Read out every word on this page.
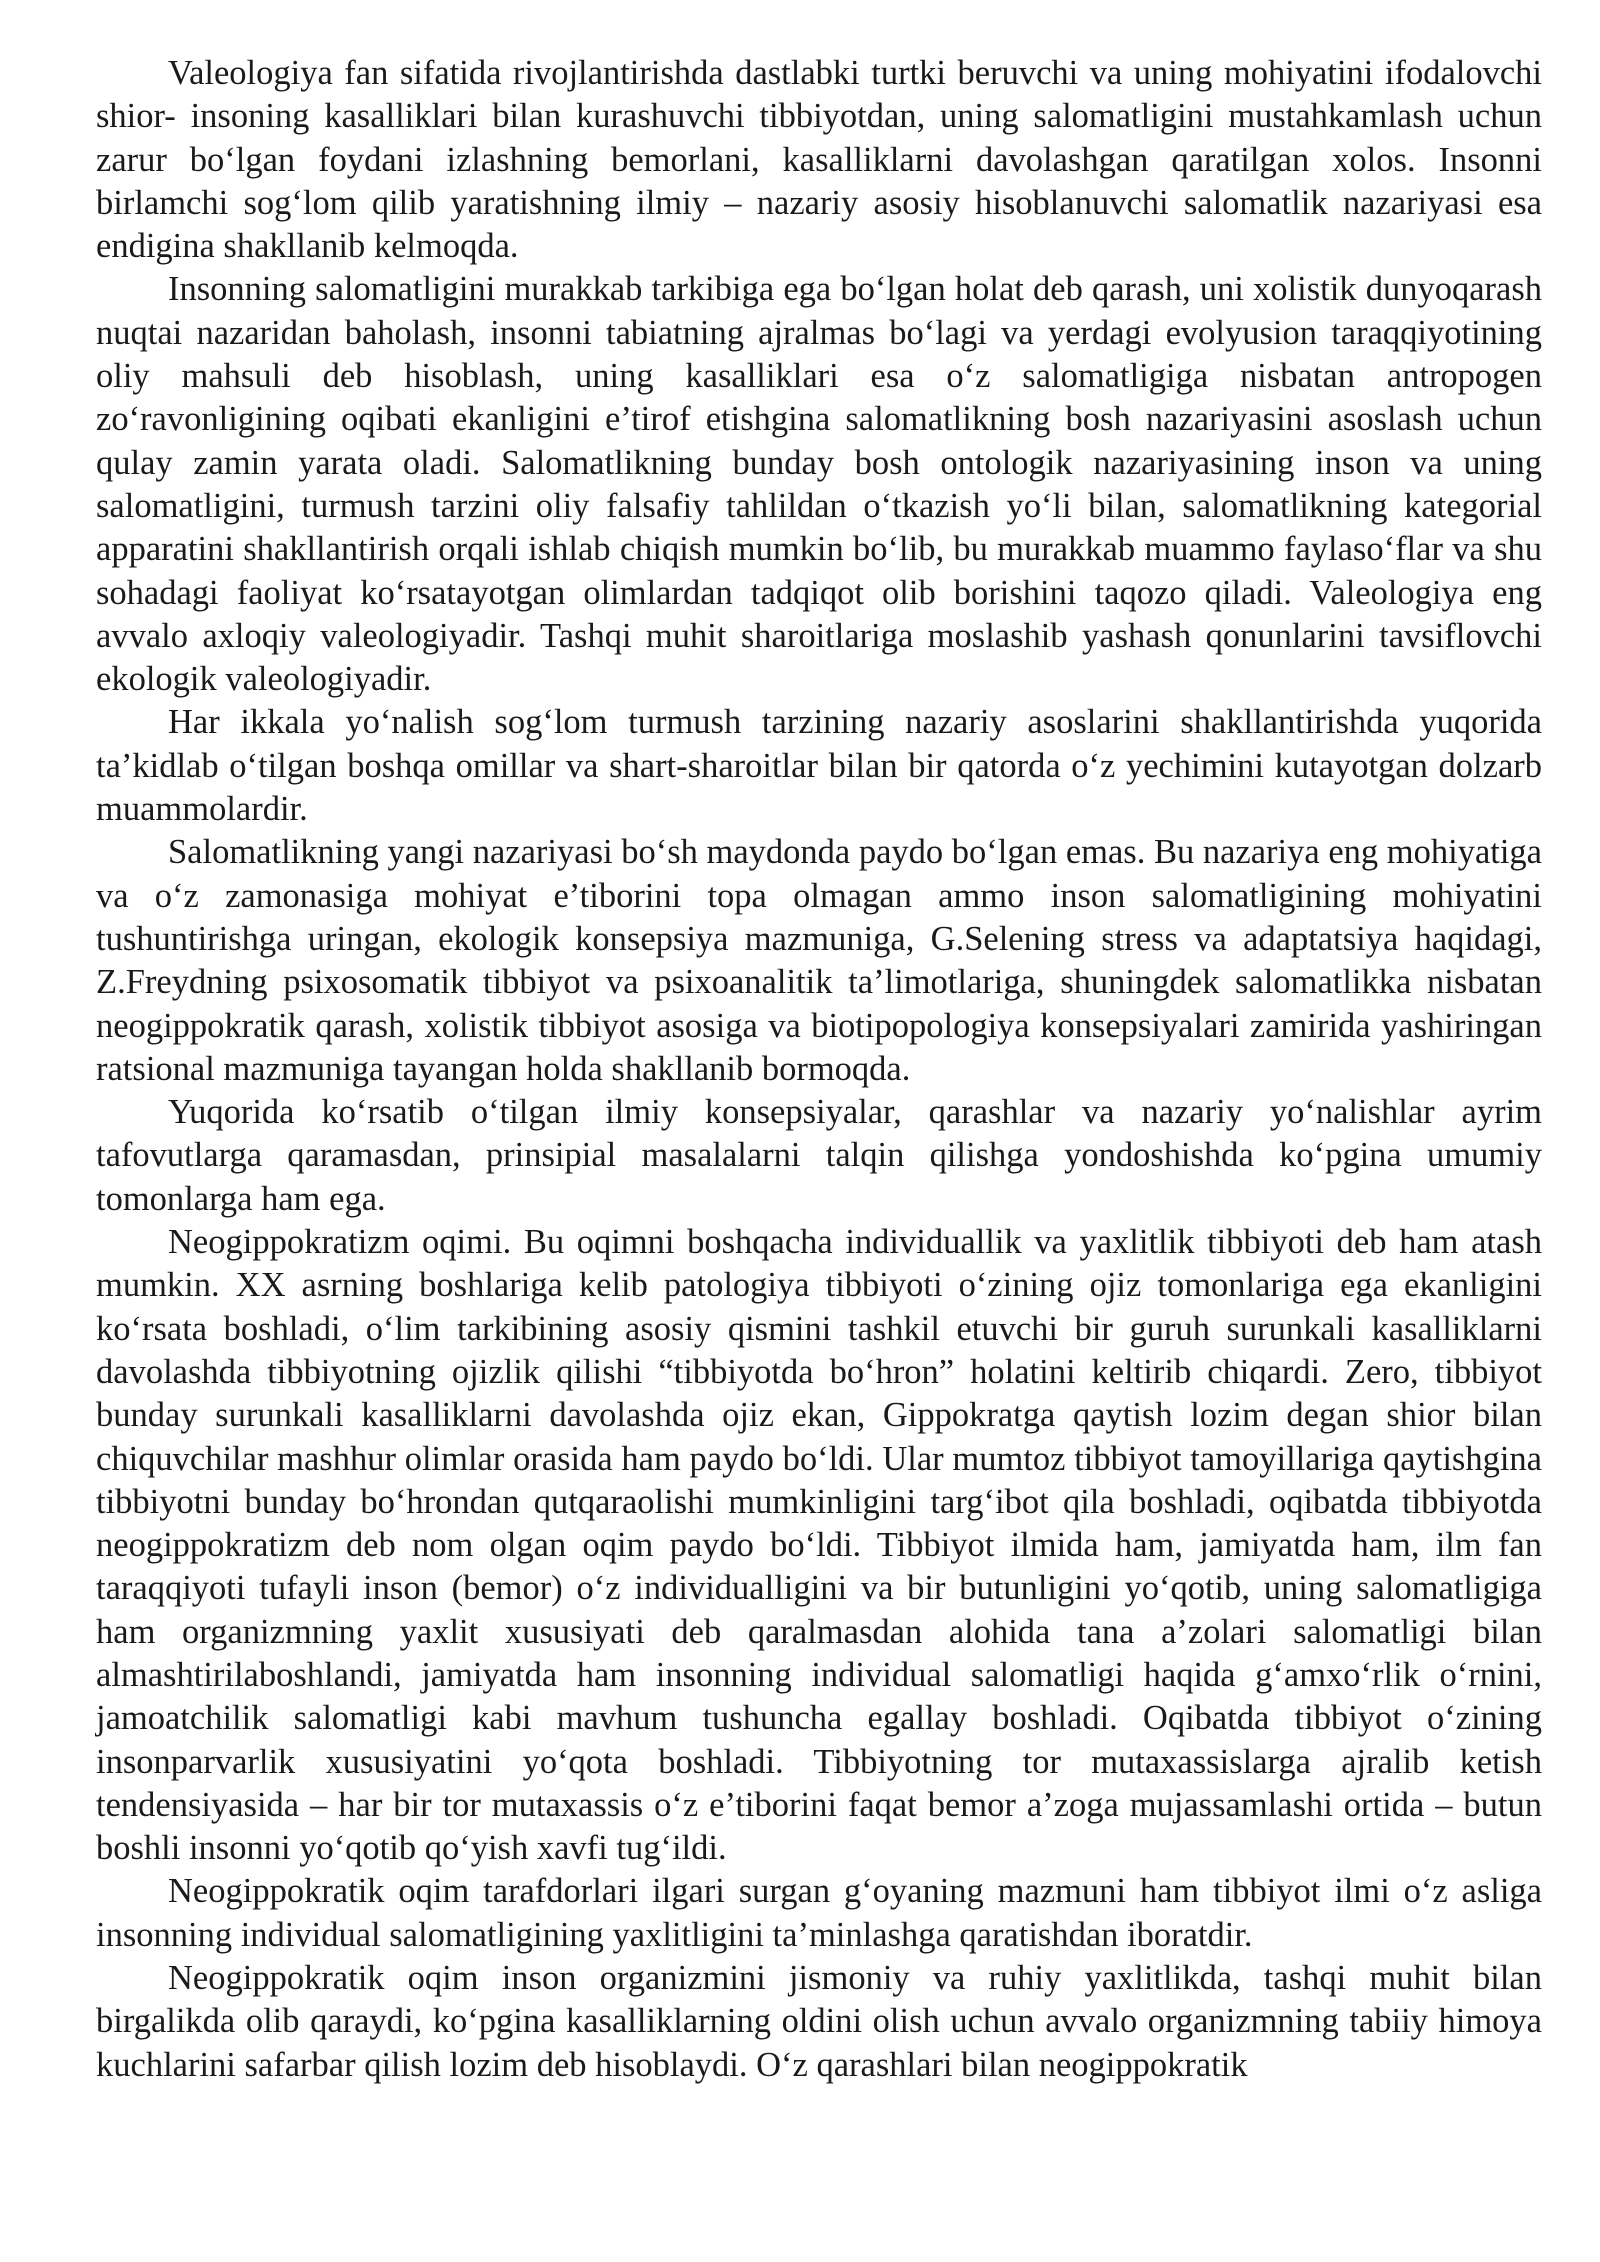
Valeologiya fan sifatida rivojlantirishda dastlabki turtki beruvchi va uning mohiyatini ifodalovchi shior- insoning kasalliklari bilan kurashuvchi tibbiyotdan, uning salomatligini mustahkamlash uchun zarur bo‘lgan foydani izlashning bemorlani, kasalliklarni davolashgan qaratilgan xolos. Insonni birlamchi sog‘lom qilib yaratishning ilmiy – nazariy asosiy hisoblanuvchi salomatlik nazariyasi esa endigina shakllanib kelmoqda.

Insonning salomatligini murakkab tarkibiga ega bo‘lgan holat deb qarash, uni xolistik dunyoqarash nuqtai nazaridan baholash, insonni tabiatning ajralmas bo‘lagi va yerdagi evolyusion taraqqiyotining oliy mahsuli deb hisoblash, uning kasalliklari esa o‘z salomatligiga nisbatan antropogen zo‘ravonligining oqibati ekanligini e’tirof etishgina salomatlikning bosh nazariyasini asoslash uchun qulay zamin yarata oladi. Salomatlikning bunday bosh ontologik nazariyasining inson va uning salomatligini, turmush tarzini oliy falsafiy tahlildan o‘tkazish yo‘li bilan, salomatlikning kategorial apparatini shakllantirish orqali ishlab chiqish mumkin bo‘lib, bu murakkab muammo faylaso‘flar va shu sohadagi faoliyat ko‘rsatayotgan olimlardan tadqiqot olib borishini taqozo qiladi. Valeologiya eng avvalo axloqiy valeologiyadir. Tashqi muhit sharoitlariga moslashib yashash qonunlarini tavsiflovchi ekologik valeologiyadir.

Har ikkala yo‘nalish sog‘lom turmush tarzining nazariy asoslarini shakllantirishda yuqorida ta’kidlab o‘tilgan boshqa omillar va shart-sharoitlar bilan bir qatorda o‘z yechimini kutayotgan dolzarb muammolardir.

Salomatlikning yangi nazariyasi bo‘sh maydonda paydo bo‘lgan emas. Bu nazariya eng mohiyatiga va o‘z zamonasiga mohiyat e’tiborini topa olmagan ammo inson salomatligining mohiyatini tushuntirishga uringan, ekologik konsepsiya mazmuniga, G.Selening stress va adaptatsiya haqidagi, Z.Freydning psixosomatik tibbiyot va psixoanalitik ta’limotlariga, shuningdek salomatlikka nisbatan neogippokratik qarash, xolistik tibbiyot asosiga va biotipopologiya konsepsiyalari zamirida yashiringan ratsional mazmuniga tayangan holda shakllanib bormoqda.

Yuqorida ko‘rsatib o‘tilgan ilmiy konsepsiyalar, qarashlar va nazariy yo‘nalishlar ayrim tafovutlarga qaramasdan, prinsipial masalalarni talqin qilishga yondoshishda ko‘pgina umumiy tomonlarga ham ega.

Neogippokratizm oqimi. Bu oqimni boshqacha individuallik va yaxlitlik tibbiyoti deb ham atash mumkin. XX asrning boshlariga kelib patologiya tibbiyoti o‘zining ojiz tomonlariga ega ekanligini ko‘rsata boshladi, o‘lim tarkibining asosiy qismini tashkil etuvchi bir guruh surunkali kasalliklarni davolashda tibbiyotning ojizlik qilishi “tibbiyotda bo‘hron” holatini keltirib chiqardi. Zero, tibbiyot bunday surunkali kasalliklarni davolashda ojiz ekan, Gippokratga qaytish lozim degan shior bilan chiquvchilar mashhur olimlar orasida ham paydo bo‘ldi. Ular mumtoz tibbiyot tamoyillariga qaytishgina tibbiyotni bunday bo‘hrondan qutqaraolishi mumkinligini targ‘ibot qila boshladi, oqibatda tibbiyotda neogippokratizm deb nom olgan oqim paydo bo‘ldi. Tibbiyot ilmida ham, jamiyatda ham, ilm fan taraqqiyoti tufayli inson (bemor) o‘z individualligini va bir butunligini yo‘qotib, uning salomatligiga ham organizmning yaxlit xususiyati deb qaralmasdan alohida tana a’zolari salomatligi bilan almashtirilaboshlandi, jamiyatda ham insonning individual salomatligi haqida g‘amxo‘rlik o‘rnini, jamoatchilik salomatligi kabi mavhum tushuncha egallay boshladi. Oqibatda tibbiyot o‘zining insonparvarlik xususiyatini yo‘qota boshladi. Tibbiyotning tor mutaxassislarga ajralib ketish tendensiyasida – har bir tor mutaxassis o‘z e’tiborini faqat bemor a’zoga mujassamlashi ortida – butun boshli insonni yo‘qotib qo‘yish xavfi tug‘ildi.

Neogippokratik oqim tarafdorlari ilgari surgan g‘oyaning mazmuni ham tibbiyot ilmi o‘z asliga insonning individual salomatligining yaxlitligini ta’minlashga qaratishdan iboratdir.

Neogippokratik oqim inson organizmini jismoniy va ruhiy yaxlitlikda, tashqi muhit bilan birgalikda olib qaraydi, ko‘pgina kasalliklarning oldini olish uchun avvalo organizmning tabiiy himoya kuchlarini safarbar qilish lozim deb hisoblaydi. O‘z qarashlari bilan neogippokratik
